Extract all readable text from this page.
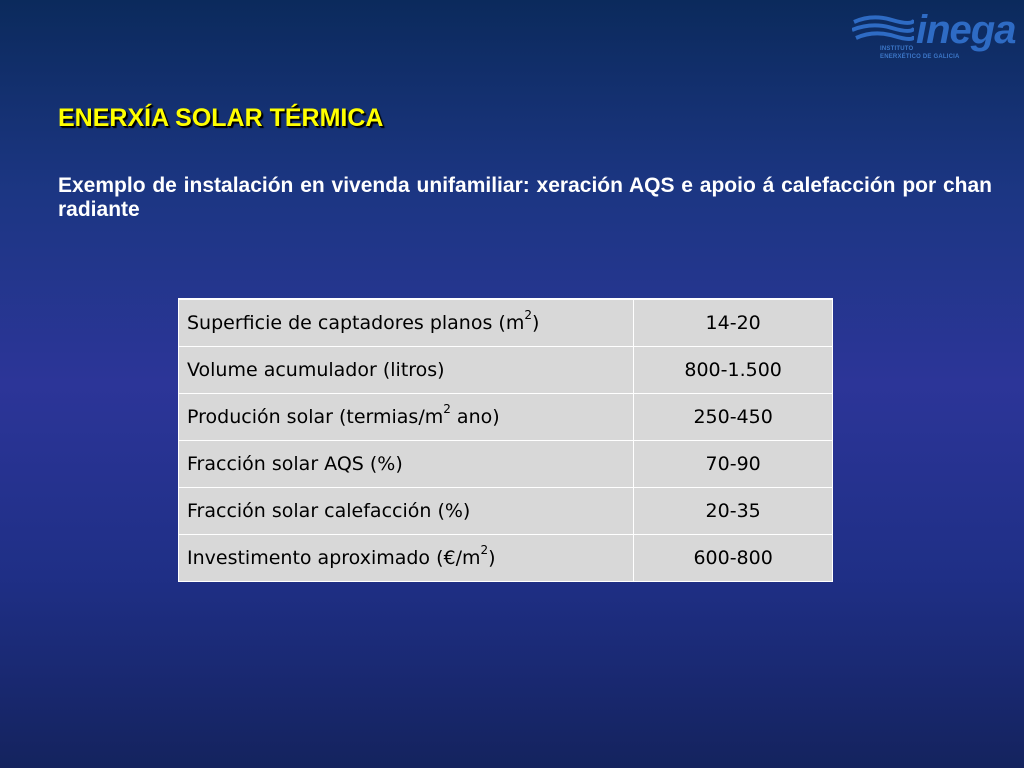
inega
INSTITUTO
ENERXÉTICO DE GALICIA
ENERXÍA SOLAR TÉRMICA

Exemplo de instalación en vivenda unifamiliar: xeración AQS e apoio á calefacción por chan radiante

Superficie de captadores planos $(m^2)$	14-20
Volume acumulador (litros)	800-1.500
Produción solar ($termias/m^2$ ano)	250-450
Fracción solar AQS (%)	70-90
Fracción solar calefacción (%)	20-35
Investimento aproximado $(€/m^2)$	600-800
